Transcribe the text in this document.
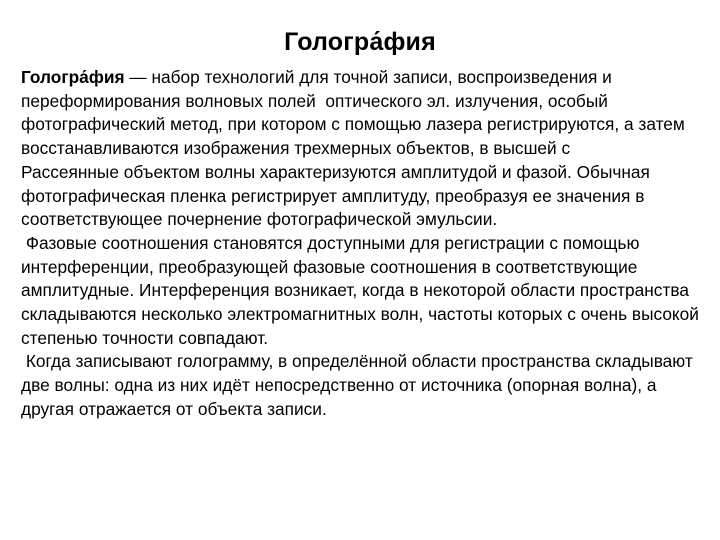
Гологра́фия

Гологра́фия — набор технологий для точной записи, воспроизведения и переформирования волновых полей  оптического эл. излучения, особый фотографический метод, при котором с помощью лазера регистрируются, а затем восстанавливаются изображения трехмерных объектов, в высшей с

Рассеянные объектом волны характеризуются амплитудой и фазой. Обычная фотографическая пленка регистрирует амплитуду, преобразуя ее значения в соответствующее почернение фотографической эмульсии.

Фазовые соотношения становятся доступными для регистрации с помощью интерференции, преобразующей фазовые соотношения в соответствующие амплитудные. Интерференция возникает, когда в некоторой области пространства складываются несколько электромагнитных волн, частоты которых с очень высокой степенью точности совпадают.

Когда записывают голограмму, в определённой области пространства складывают две волны: одна из них идёт непосредственно от источника (опорная волна), а другая отражается от объекта записи.
